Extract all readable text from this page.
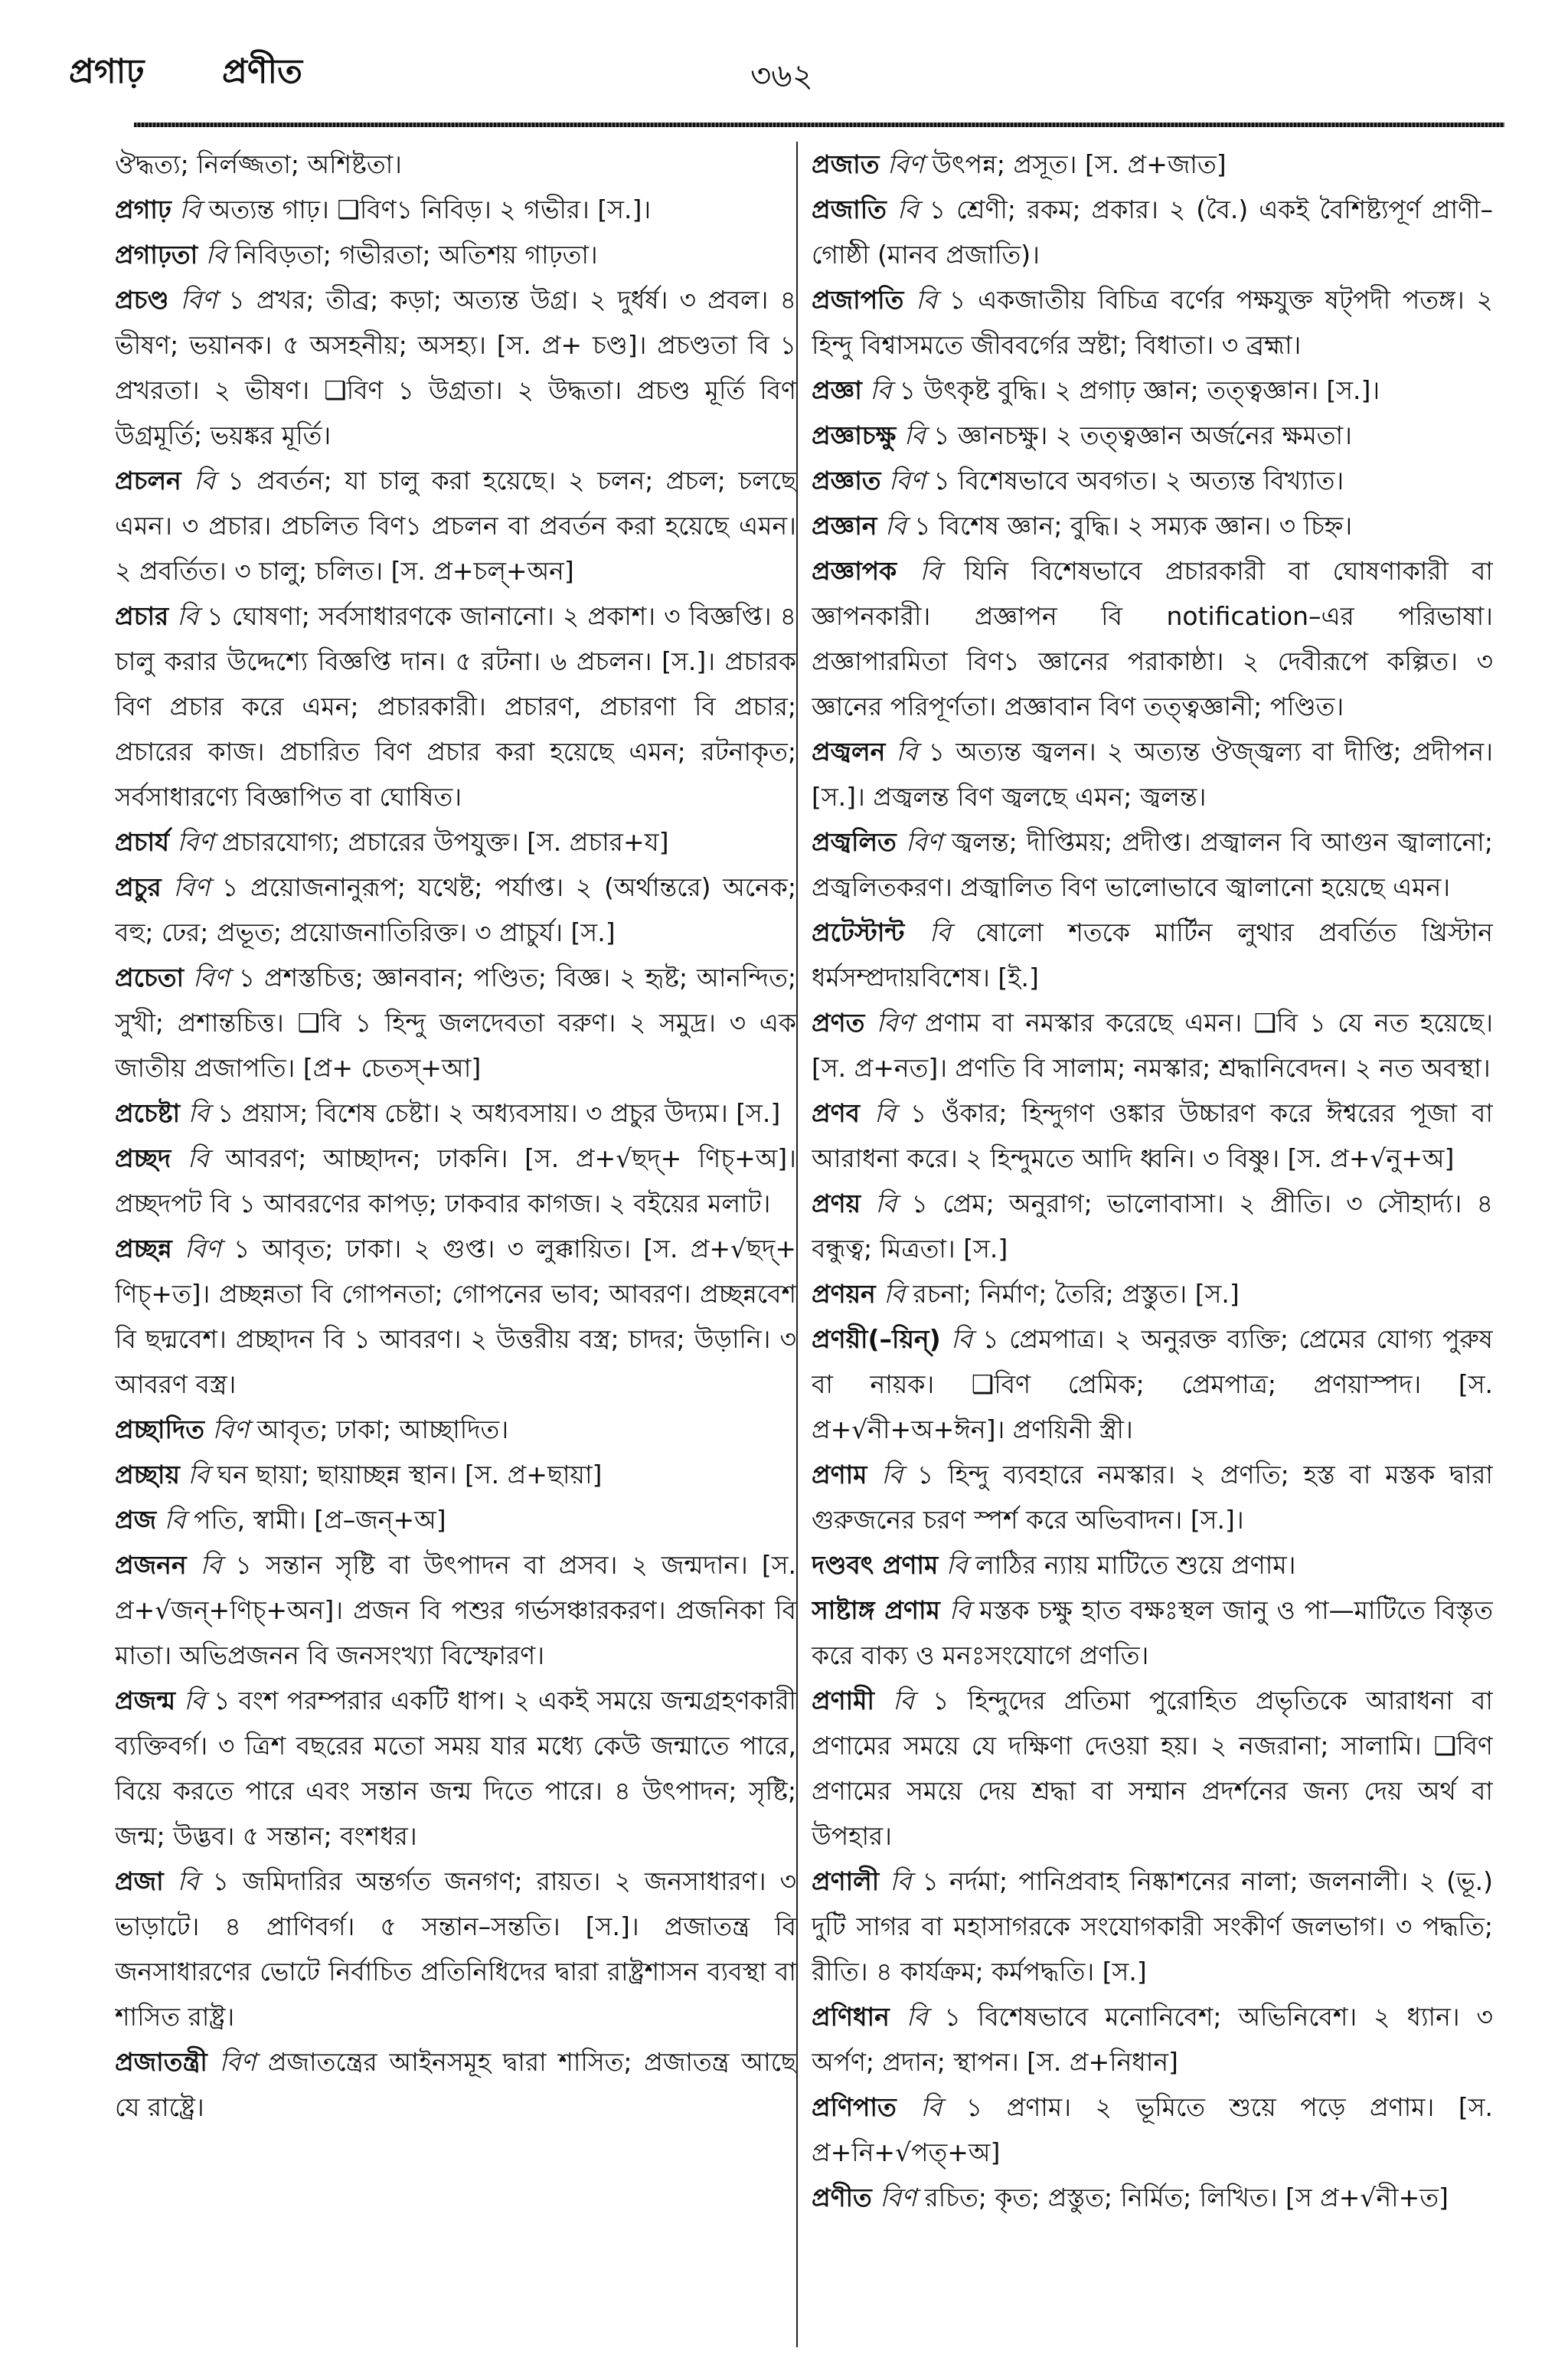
প্রগাঢ় প্রণীত	৩৬২

ঔদ্ধত্য; নির্লজ্জতা; অশিষ্টতা।

প্রগাঢ় বি অত্যন্ত গাঢ়। ❑বিণ১ নিবিড়। ২ গভীর। [স.]।

প্রগাঢ়তা বি নিবিড়তা; গভীরতা; অতিশয় গাঢ়তা।

প্রচণ্ড বিণ ১ প্রখর; তীব্র; কড়া; অত্যন্ত উগ্র। ২ দুর্ধর্ষ। ৩ প্রবল। ৪ ভীষণ; ভয়ানক। ৫ অসহনীয়; অসহ্য। [স. প্র+ চণ্ড]। প্রচণ্ডতা বি ১ প্রখরতা। ২ ভীষণ। ❑বিণ ১ উগ্রতা। ২ উদ্ধতা। প্রচণ্ড মূর্তি বিণ উগ্রমূর্তি; ভয়ঙ্কর মূর্তি।

প্রচলন বি ১ প্রবর্তন; যা চালু করা হয়েছে। ২ চলন; প্রচল; চলছে এমন। ৩ প্রচার। প্রচলিত বিণ১ প্রচলন বা প্রবর্তন করা হয়েছে এমন। ২ প্রবর্তিত। ৩ চালু; চলিত। [স. প্র+চল্+অন]

প্রচার বি ১ ঘোষণা; সর্বসাধারণকে জানানো। ২ প্রকাশ। ৩ বিজ্ঞপ্তি। ৪ চালু করার উদ্দেশ্যে বিজ্ঞপ্তি দান। ৫ রটনা। ৬ প্রচলন। [স.]। প্রচারক বিণ প্রচার করে এমন; প্রচারকারী। প্রচারণ, প্রচারণা বি প্রচার; প্রচারের কাজ। প্রচারিত বিণ প্রচার করা হয়েছে এমন; রটনাকৃত; সর্বসাধারণ্যে বিজ্ঞাপিত বা ঘোষিত।

প্রচার্য বিণ প্রচারযোগ্য; প্রচারের উপযুক্ত। [স. প্রচার+য]

প্রচুর বিণ ১ প্রয়োজনানুরূপ; যথেষ্ট; পর্যাপ্ত। ২ (অর্থান্তরে) অনেক; বহু; ঢের; প্রভূত; প্রয়োজনাতিরিক্ত। ৩ প্রাচুর্য। [স.]

প্রচেতা বিণ ১ প্রশস্তচিত্ত; জ্ঞানবান; পণ্ডিত; বিজ্ঞ। ২ হৃষ্ট; আনন্দিত; সুখী; প্রশান্তচিত্ত। ❑বি ১ হিন্দু জলদেবতা বরুণ। ২ সমুদ্র। ৩ এক জাতীয় প্রজাপতি। [প্র+ চেতস্+আ]

প্রচেষ্টা বি ১ প্রয়াস; বিশেষ চেষ্টা। ২ অধ্যবসায়। ৩ প্রচুর উদ্যম। [স.]

প্রচ্ছদ বি আবরণ; আচ্ছাদন; ঢাকনি। [স. প্র+√ছদ্+ ণিচ্+অ]। প্রচ্ছদপট বি ১ আবরণের কাপড়; ঢাকবার কাগজ। ২ বইয়ের মলাট।

প্রচ্ছন্ন বিণ ১ আবৃত; ঢাকা। ২ গুপ্ত। ৩ লুক্কায়িত। [স. প্র+√ছদ্+ ণিচ্+ত]। প্রচ্ছন্নতা বি গোপনতা; গোপনের ভাব; আবরণ। প্রচ্ছন্নবেশ বি ছদ্মবেশ। প্রচ্ছাদন বি ১ আবরণ। ২ উত্তরীয় বস্ত্র; চাদর; উড়ানি। ৩ আবরণ বস্ত্র।

প্রচ্ছাদিত বিণ আবৃত; ঢাকা; আচ্ছাদিত।

প্রচ্ছায় বি ঘন ছায়া; ছায়াচ্ছন্ন স্থান। [স. প্র+ছায়া]

প্রজ বি পতি, স্বামী। [প্র–জন্+অ]

প্রজনন বি ১ সন্তান সৃষ্টি বা উৎপাদন বা প্রসব। ২ জন্মদান। [স. প্র+√জন্+ণিচ্+অন]। প্রজন বি পশুর গর্ভসঞ্চারকরণ। প্রজনিকা বি মাতা। অভিপ্রজনন বি জনসংখ্যা বিস্ফোরণ।

প্রজন্ম বি ১ বংশ পরম্পরার একটি ধাপ। ২ একই সময়ে জন্মগ্রহণকারী ব্যক্তিবর্গ। ৩ ত্রিশ বছরের মতো সময় যার মধ্যে কেউ জন্মাতে পারে, বিয়ে করতে পারে এবং সন্তান জন্ম দিতে পারে। ৪ উৎপাদন; সৃষ্টি; জন্ম; উদ্ভব। ৫ সন্তান; বংশধর।

প্রজা বি ১ জমিদারির অন্তর্গত জনগণ; রায়ত। ২ জনসাধারণ। ৩ ভাড়াটে। ৪ প্রাণিবর্গ। ৫ সন্তান–সন্ততি। [স.]। প্রজাতন্ত্র বি জনসাধারণের ভোটে নির্বাচিত প্রতিনিধিদের দ্বারা রাষ্ট্রশাসন ব্যবস্থা বা শাসিত রাষ্ট্র।

প্রজাতন্ত্রী বিণ প্রজাতন্ত্রের আইনসমূহ দ্বারা শাসিত; প্রজাতন্ত্র আছে যে রাষ্ট্রে।

প্রজাত বিণ উৎপন্ন; প্রসূত। [স. প্র+জাত]

প্রজাতি বি ১ শ্রেণী; রকম; প্রকার। ২ (বৈ.) একই বৈশিষ্ট্যপূর্ণ প্রাণী–গোষ্ঠী (মানব প্রজাতি)।

প্রজাপতি বি ১ একজাতীয় বিচিত্র বর্ণের পক্ষযুক্ত ষট্পদী পতঙ্গ। ২ হিন্দু বিশ্বাসমতে জীববর্গের স্রষ্টা; বিধাতা। ৩ ব্রহ্মা।

প্রজ্ঞা বি ১ উৎকৃষ্ট বুদ্ধি। ২ প্রগাঢ় জ্ঞান; তত্ত্বজ্ঞান। [স.]।

প্রজ্ঞাচক্ষু বি ১ জ্ঞানচক্ষু। ২ তত্ত্বজ্ঞান অর্জনের ক্ষমতা।

প্রজ্ঞাত বিণ ১ বিশেষভাবে অবগত। ২ অত্যন্ত বিখ্যাত।

প্রজ্ঞান বি ১ বিশেষ জ্ঞান; বুদ্ধি। ২ সম্যক জ্ঞান। ৩ চিহ্ন।

প্রজ্ঞাপক বি যিনি বিশেষভাবে প্রচারকারী বা ঘোষণাকারী বা জ্ঞাপনকারী। প্রজ্ঞাপন বি notification–এর পরিভাষা। প্রজ্ঞাপারমিতা বিণ১ জ্ঞানের পরাকাষ্ঠা। ২ দেবীরূপে কল্পিত। ৩ জ্ঞানের পরিপূর্ণতা। প্রজ্ঞাবান বিণ তত্ত্বজ্ঞানী; পণ্ডিত।

প্রজ্বলন বি ১ অত্যন্ত জ্বলন। ২ অত্যন্ত ঔজ্জ্বল্য বা দীপ্তি; প্রদীপন। [স.]। প্রজ্বলন্ত বিণ জ্বলছে এমন; জ্বলন্ত।

প্রজ্বলিত বিণ জ্বলন্ত; দীপ্তিময়; প্রদীপ্ত। প্রজ্বালন বি আগুন জ্বালানো; প্রজ্বলিতকরণ। প্রজ্বালিত বিণ ভালোভাবে জ্বালানো হয়েছে এমন।

প্রটেস্টান্ট বি ষোলো শতকে মার্টিন লুথার প্রবর্তিত খ্রিস্টান ধর্মসম্প্রদায়বিশেষ। [ই.]

প্রণত বিণ প্রণাম বা নমস্কার করেছে এমন। ❑বি ১ যে নত হয়েছে। [স. প্র+নত]। প্রণতি বি সালাম; নমস্কার; শ্রদ্ধানিবেদন। ২ নত অবস্থা।

প্রণব বি ১ ওঁকার; হিন্দুগণ ওঙ্কার উচ্চারণ করে ঈশ্বরের পূজা বা আরাধনা করে। ২ হিন্দুমতে আদি ধ্বনি। ৩ বিষ্ণু। [স. প্র+√নু+অ]

প্রণয় বি ১ প্রেম; অনুরাগ; ভালোবাসা। ২ প্রীতি। ৩ সৌহার্দ্য। ৪ বন্ধুত্ব; মিত্রতা। [স.]

প্রণয়ন বি রচনা; নির্মাণ; তৈরি; প্রস্তুত। [স.]

প্রণয়ী(–য়িন্) বি ১ প্রেমপাত্র। ২ অনুরক্ত ব্যক্তি; প্রেমের যোগ্য পুরুষ বা নায়ক। ❑বিণ প্রেমিক; প্রেমপাত্র; প্রণয়াস্পদ। [স. প্র+√নী+অ+ঈন]। প্রণয়িনী স্ত্রী।

প্রণাম বি ১ হিন্দু ব্যবহারে নমস্কার। ২ প্রণতি; হস্ত বা মস্তক দ্বারা গুরুজনের চরণ স্পর্শ করে অভিবাদন। [স.]।

দণ্ডবৎ প্রণাম বি লাঠির ন্যায় মাটিতে শুয়ে প্রণাম।

সাষ্টাঙ্গ প্রণাম বি মস্তক চক্ষু হাত বক্ষঃস্থল জানু ও পা—মাটিতে বিস্তৃত করে বাক্য ও মনঃসংযোগে প্রণতি।

প্রণামী বি ১ হিন্দুদের প্রতিমা পুরোহিত প্রভৃতিকে আরাধনা বা প্রণামের সময়ে যে দক্ষিণা দেওয়া হয়। ২ নজরানা; সালামি। ❑বিণ প্রণামের সময়ে দেয় শ্রদ্ধা বা সম্মান প্রদর্শনের জন্য দেয় অর্থ বা উপহার।

প্রণালী বি ১ নর্দমা; পানিপ্রবাহ নিষ্কাশনের নালা; জলনালী। ২ (ভূ.) দুটি সাগর বা মহাসাগরকে সংযোগকারী সংকীর্ণ জলভাগ। ৩ পদ্ধতি; রীতি। ৪ কার্যক্রম; কর্মপদ্ধতি। [স.]

প্রণিধান বি ১ বিশেষভাবে মনোনিবেশ; অভিনিবেশ। ২ ধ্যান। ৩ অর্পণ; প্রদান; স্থাপন। [স. প্র+নিধান]

প্রণিপাত বি ১ প্রণাম। ২ ভূমিতে শুয়ে পড়ে প্রণাম। [স. প্র+নি+√পত্+অ]

প্রণীত বিণ রচিত; কৃত; প্রস্তুত; নির্মিত; লিখিত। [স প্র+√নী+ত]
